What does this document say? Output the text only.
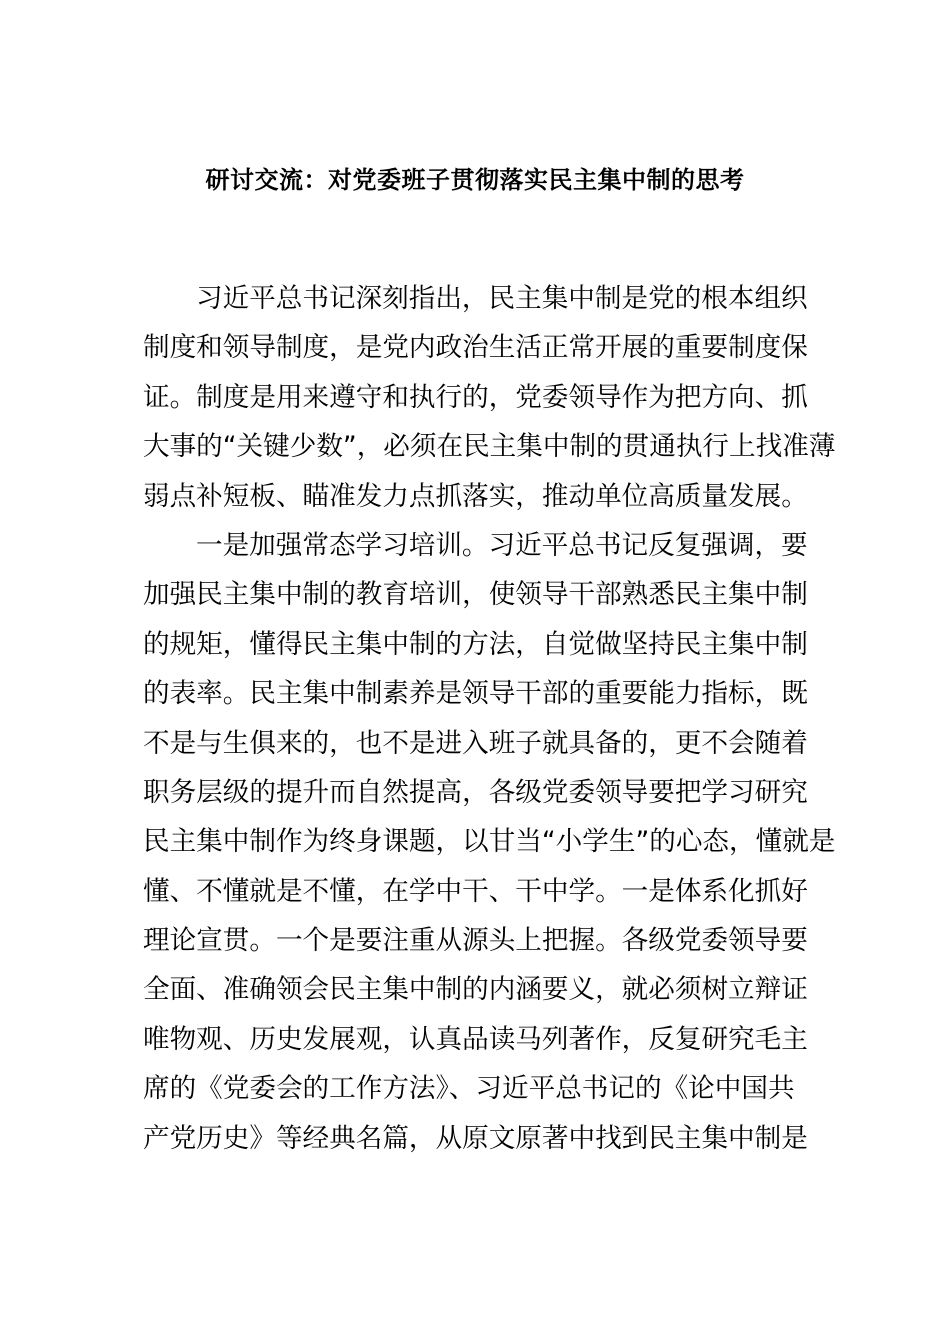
研讨交流：对党委班子贯彻落实民主集中制的思考
习近平总书记深刻指出，民主集中制是党的根本组织
制度和领导制度，是党内政治生活正常开展的重要制度保
证。制度是用来遵守和执行的，党委领导作为把方向、抓
大事的“关键少数”，必须在民主集中制的贯通执行上找准薄
弱点补短板、瞄准发力点抓落实，推动单位高质量发展。
一是加强常态学习培训。习近平总书记反复强调，要
加强民主集中制的教育培训，使领导干部熟悉民主集中制
的规矩，懂得民主集中制的方法，自觉做坚持民主集中制
的表率。民主集中制素养是领导干部的重要能力指标，既
不是与生俱来的，也不是进入班子就具备的，更不会随着
职务层级的提升而自然提高，各级党委领导要把学习研究
民主集中制作为终身课题，以甘当“小学生”的心态，懂就是
懂、不懂就是不懂，在学中干、干中学。一是体系化抓好
理论宣贯。一个是要注重从源头上把握。各级党委领导要
全面、准确领会民主集中制的内涵要义，就必须树立辩证
唯物观、历史发展观，认真品读马列著作，反复研究毛主
席的《党委会的工作方法》、习近平总书记的《论中国共
产党历史》等经典名篇，从原文原著中找到民主集中制是
